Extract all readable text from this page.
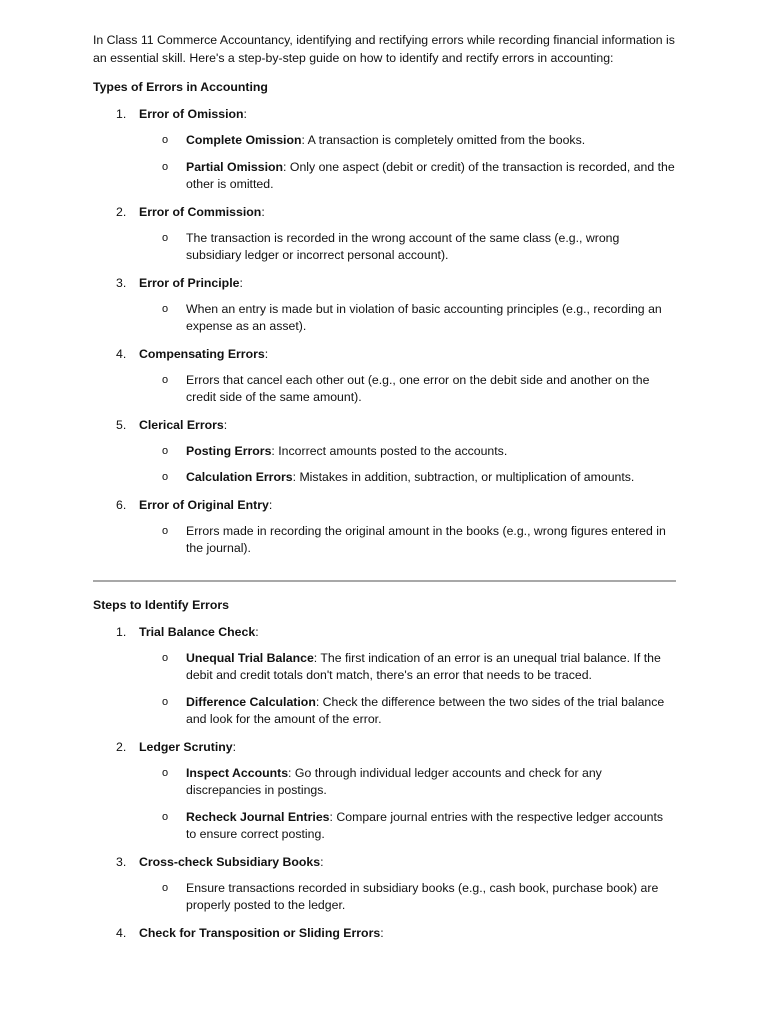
In Class 11 Commerce Accountancy, identifying and rectifying errors while recording financial information is an essential skill. Here's a step-by-step guide on how to identify and rectify errors in accounting:

Types of Errors in Accounting
1. Error of Omission:
o Complete Omission: A transaction is completely omitted from the books.
o Partial Omission: Only one aspect (debit or credit) of the transaction is recorded, and the other is omitted.
2. Error of Commission:
o The transaction is recorded in the wrong account of the same class (e.g., wrong subsidiary ledger or incorrect personal account).
3. Error of Principle:
o When an entry is made but in violation of basic accounting principles (e.g., recording an expense as an asset).
4. Compensating Errors:
o Errors that cancel each other out (e.g., one error on the debit side and another on the credit side of the same amount).
5. Clerical Errors:
o Posting Errors: Incorrect amounts posted to the accounts.
o Calculation Errors: Mistakes in addition, subtraction, or multiplication of amounts.
6. Error of Original Entry:
o Errors made in recording the original amount in the books (e.g., wrong figures entered in the journal).
Steps to Identify Errors
1. Trial Balance Check:
o Unequal Trial Balance: The first indication of an error is an unequal trial balance. If the debit and credit totals don't match, there's an error that needs to be traced.
o Difference Calculation: Check the difference between the two sides of the trial balance and look for the amount of the error.
2. Ledger Scrutiny:
o Inspect Accounts: Go through individual ledger accounts and check for any discrepancies in postings.
o Recheck Journal Entries: Compare journal entries with the respective ledger accounts to ensure correct posting.
3. Cross-check Subsidiary Books:
o Ensure transactions recorded in subsidiary books (e.g., cash book, purchase book) are properly posted to the ledger.
4. Check for Transposition or Sliding Errors:
